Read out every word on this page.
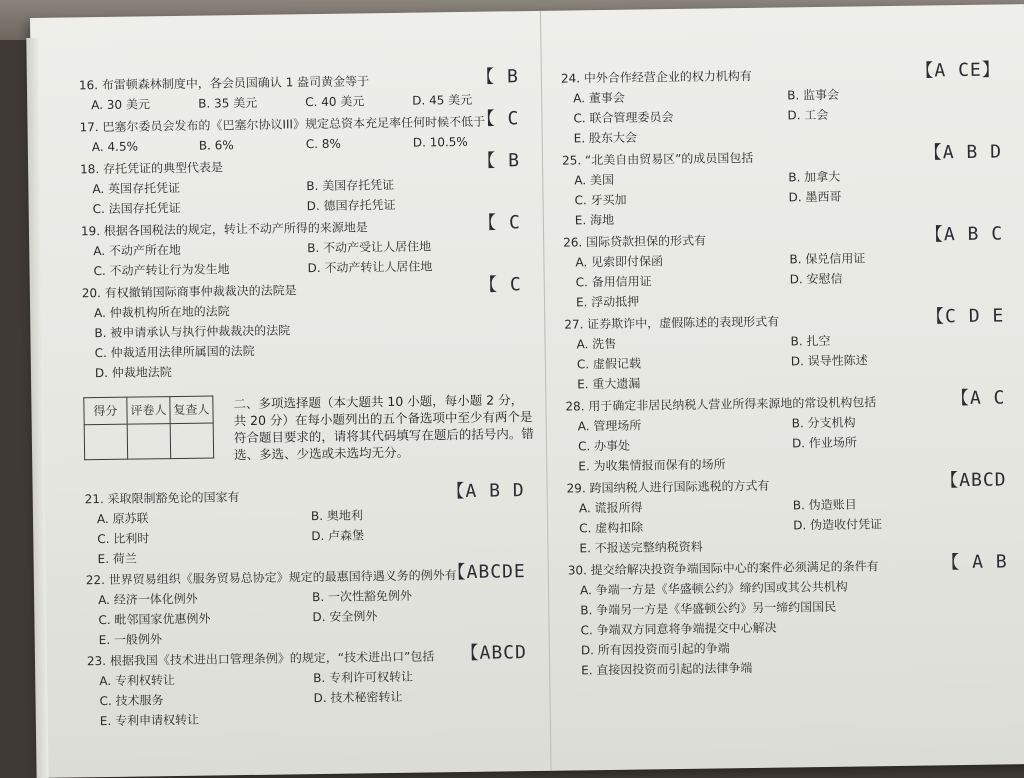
16. 布雷顿森林制度中，各会员国确认 1 盎司黄金等于	【 B
A. 30 美元	B. 35 美元	C. 40 美元	D. 45 美元
17. 巴塞尔委员会发布的《巴塞尔协议III》规定总资本充足率任何时候不低于
【 C
A. 4.5%	B. 6%	C. 8%	D. 10.5%
18. 存托凭证的典型代表是	【 B
A. 英国存托凭证	B. 美国存托凭证
C. 法国存托凭证	D. 德国存托凭证
19. 根据各国税法的规定，转让不动产所得的来源地是	【 C
A. 不动产所在地	B. 不动产受让人居住地
C. 不动产转让行为发生地	D. 不动产转让人居住地
20. 有权撤销国际商事仲裁裁决的法院是	【 C
A. 仲裁机构所在地的法院
B. 被申请承认与执行仲裁裁决的法院
C. 仲裁适用法律所属国的法院
D. 仲裁地法院
得分	评卷人	复查人
		二、多项选择题（本大题共 10 小题，每小题 2 分，共 20 分）在每小题列出的五个备选项中至少有两个是符合题目要求的，请将其代码填写在题后的括号内。错选、多选、少选或未选均无分。
21. 采取限制豁免论的国家有	【A B D
A. 原苏联	B. 奥地利
C. 比利时	D. 卢森堡
E. 荷兰
22. 世界贸易组织《服务贸易总协定》规定的最惠国待遇义务的例外有
【ABCDE
A. 经济一体化例外	B. 一次性豁免例外
C. 毗邻国家优惠例外	D. 安全例外
E. 一般例外
23. 根据我国《技术进出口管理条例》的规定，“技术进出口”包括	【ABCD
A. 专利权转让	B. 专利许可权转让
C. 技术服务	D. 技术秘密转让
E. 专利申请权转让
24. 中外合作经营企业的权力机构有	【A CE】
A. 董事会	B. 监事会
C. 联合管理委员会	D. 工会
E. 股东大会
25. “北美自由贸易区”的成员国包括	【A B D
A. 美国	B. 加拿大
C. 牙买加	D. 墨西哥
E. 海地
26. 国际贷款担保的形式有	【A B C
A. 见索即付保函	B. 保兑信用证
C. 备用信用证	D. 安慰信
E. 浮动抵押
27. 证券欺诈中，虚假陈述的表现形式有	【C D E
A. 洗售	B. 扎空
C. 虚假记载	D. 误导性陈述
E. 重大遗漏
28. 用于确定非居民纳税人营业所得来源地的常设机构包括	【A C
A. 管理场所	B. 分支机构
C. 办事处	D. 作业场所
E. 为收集情报而保有的场所
29. 跨国纳税人进行国际逃税的方式有	【ABCD
A. 谎报所得	B. 伪造账目
C. 虚构扣除	D. 伪造收付凭证
E. 不报送完整纳税资料
30. 提交给解决投资争端国际中心的案件必须满足的条件有	【 A B
A. 争端一方是《华盛顿公约》缔约国或其公共机构
B. 争端另一方是《华盛顿公约》另一缔约国国民
C. 争端双方同意将争端提交中心解决
D. 所有因投资而引起的争端
E. 直接因投资而引起的法律争端
